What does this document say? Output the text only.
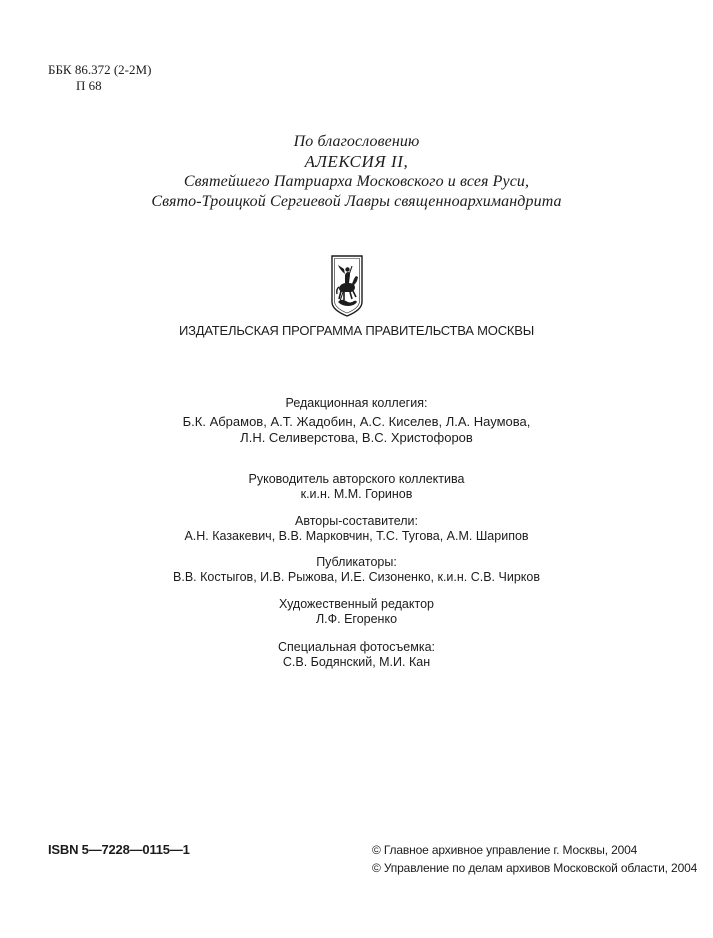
ББК 86.372 (2-2М)
П 68
По благословению
АЛЕКСИЯ II,
Святейшего Патриарха Московского и всея Руси,
Свято-Троицкой Сергиевой Лавры священноархимандрита
ИЗДАТЕЛЬСКАЯ ПРОГРАММА ПРАВИТЕЛЬСТВА МОСКВЫ
Редакционная коллегия:
Б.К. Абрамов, А.Т. Жадобин, А.С. Киселев, Л.А. Наумова,
Л.Н. Селиверстова, В.С. Христофоров
Руководитель авторского коллектива
к.и.н. М.М. Горинов
Авторы-составители:
А.Н. Казакевич, В.В. Марковчин, Т.С. Тугова, А.М. Шарипов
Публикаторы:
В.В. Костыгов, И.В. Рыжова, И.Е. Сизоненко, к.и.н. С.В. Чирков
Художественный редактор
Л.Ф. Егоренко
Специальная фотосъемка:
С.В. Бодянский, М.И. Кан
ISBN 5—7228—0115—1	© Главное архивное управление г. Москвы, 2004
© Управление по делам архивов Московской области, 2004
